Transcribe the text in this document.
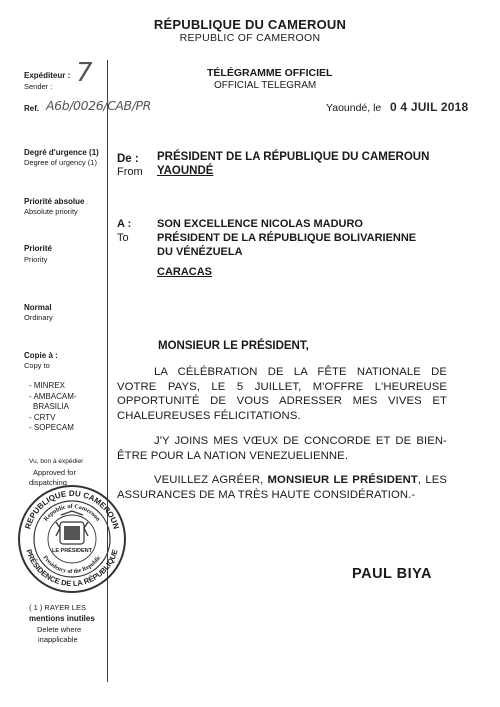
RÉPUBLIQUE DU CAMEROUN
REPUBLIC OF CAMEROON
TÉLÉGRAMME OFFICIEL
OFFICIAL TELEGRAM
Expéditeur :
Sender : 7
Ref. A6b/0026/CAB/PR
Degré d'urgence (1)
Degree of urgency (1)
Priorité absolue
Absolute priority
Priorité
Priority
Normal
Ordinary
Copie à :
Copy to
- MINREX
- AMBACAM-
BRASILIA
- CRTV
- SOPECAM
Vu, bon à expédier
Approved for
dispatching
REPUBLIQUE DU CAMEROUN
PRÉSIDENCE DE LA RÉPUBLIQUE
Republic of Cameroon
Presidency of the Republic
LE PRÉSIDENT
( 1 ) RAYER LES
mentions inutiles
Delete where
inapplicable
Yaoundé, le 0 4 JUIL 2018
De :
From
PRÉSIDENT DE LA RÉPUBLIQUE DU CAMEROUN
YAOUNDÉ
A :
To
SON EXCELLENCE NICOLAS MADURO
PRÉSIDENT DE LA RÉPUBLIQUE BOLIVARIENNE
DU VÉNÉZUELA
CARACAS
MONSIEUR LE PRÉSIDENT,
LA CÉLÉBRATION DE LA FÊTE NATIONALE DE VOTRE PAYS, LE 5 JUILLET, M'OFFRE L'HEUREUSE OPPORTUNITÉ DE VOUS ADRESSER MES VIVES ET CHALEUREUSES FÉLICITATIONS.
J'Y JOINS MES VŒUX DE CONCORDE ET DE BIEN-ÊTRE POUR LA NATION VENEZUELIENNE.
VEUILLEZ AGRÉER, MONSIEUR LE PRÉSIDENT, LES ASSURANCES DE MA TRÈS HAUTE CONSIDÉRATION.-
PAUL BIYA
